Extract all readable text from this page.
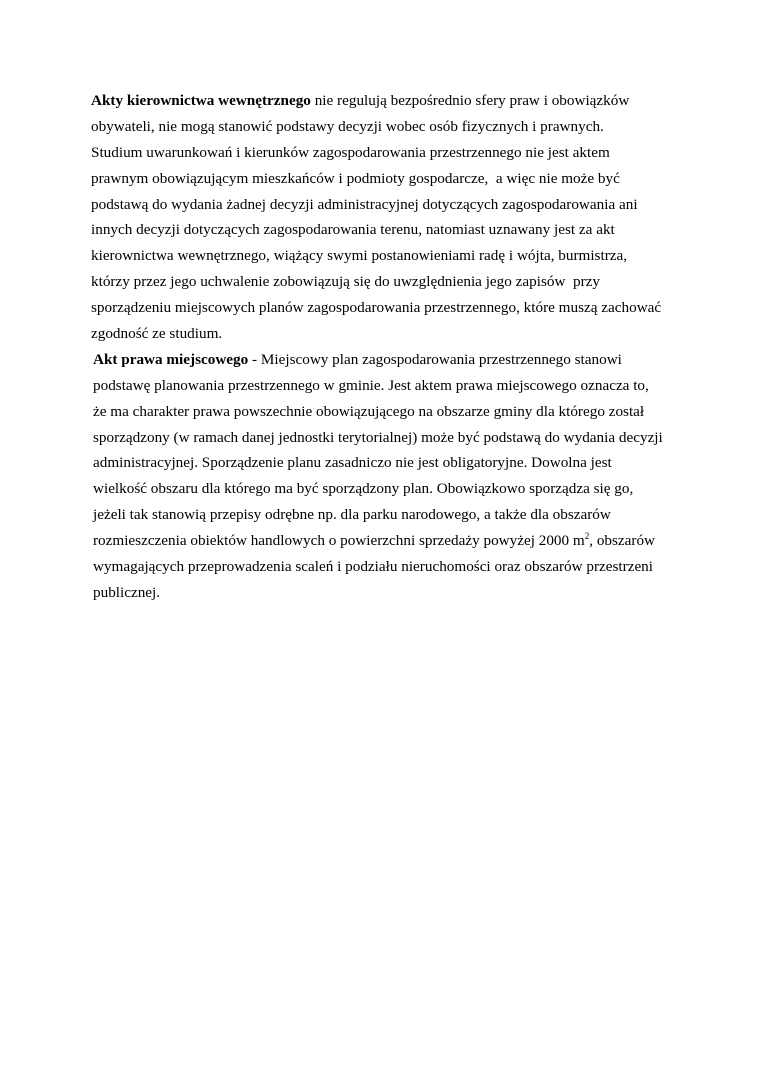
Akty kierownictwa wewnętrznego nie regulują bezpośrednio sfery praw i obowiązków
obywateli, nie mogą stanowić podstawy decyzji wobec osób fizycznych i prawnych.
Studium uwarunkowań i kierunków zagospodarowania przestrzennego nie jest aktem
prawnym obowiązującym mieszkańców i podmioty gospodarcze,  a więc nie może być
podstawą do wydania żadnej decyzji administracyjnej dotyczących zagospodarowania ani
innych decyzji dotyczących zagospodarowania terenu, natomiast uznawany jest za akt
kierownictwa wewnętrznego, wiążący swymi postanowieniami radę i wójta, burmistrza,
którzy przez jego uchwalenie zobowiązują się do uwzględnienia jego zapisów  przy
sporządzeniu miejscowych planów zagospodarowania przestrzennego, które muszą zachować
zgodność ze studium.
Akt prawa miejscowego - Miejscowy plan zagospodarowania przestrzennego stanowi
podstawę planowania przestrzennego w gminie. Jest aktem prawa miejscowego oznacza to,
że ma charakter prawa powszechnie obowiązującego na obszarze gminy dla którego został
sporządzony (w ramach danej jednostki terytorialnej) może być podstawą do wydania decyzji
administracyjnej. Sporządzenie planu zasadniczo nie jest obligatoryjne. Dowolna jest
wielkość obszaru dla którego ma być sporządzony plan. Obowiązkowo sporządza się go,
jeżeli tak stanowią przepisy odrębne np. dla parku narodowego, a także dla obszarów
rozmieszczenia obiektów handlowych o powierzchni sprzedaży powyżej 2000 $m^2$, obszarów
wymagających przeprowadzenia scaleń i podziału nieruchomości oraz obszarów przestrzeni
publicznej.
